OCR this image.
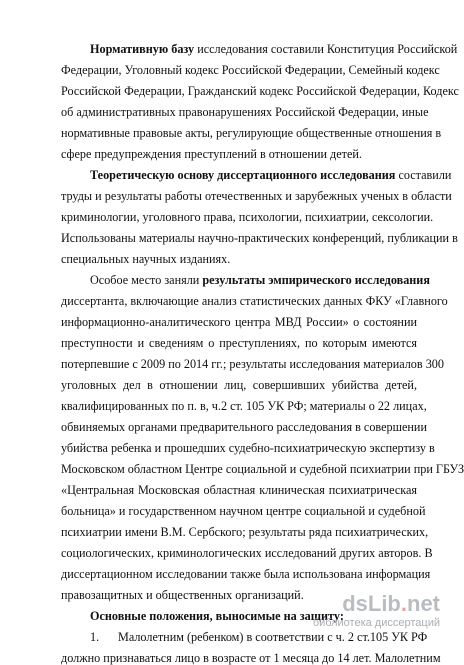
Нормативную базу исследования составили Конституция Российской
Федерации, Уголовный кодекс Российской Федерации, Семейный кодекс
Российской Федерации, Гражданский кодекс Российской Федерации, Кодекс
об административных правонарушениях Российской Федерации, иные
нормативные правовые акты, регулирующие общественные отношения в
сфере предупреждения преступлений в отношении детей.
Теоретическую основу диссертационного исследования составили
труды и результаты работы отечественных и зарубежных ученых в области
криминологии, уголовного права, психологии, психиатрии, сексологии.
Использованы материалы научно-практических конференций, публикации в
специальных научных изданиях.
Особое место заняли результаты эмпирического исследования
диссертанта, включающие анализ статистических данных ФКУ «Главного
информационно-аналитического центра МВД России» о состоянии
преступности и сведениям о преступлениях, по которым имеются
потерпевшие с 2009 по 2014 гг.; результаты исследования материалов 300
уголовных дел в отношении лиц, совершивших убийства детей,
квалифицированных по п. в, ч.2 ст. 105 УК РФ; материалы о 22 лицах,
обвиняемых органами предварительного расследования в совершении
убийства ребенка и прошедших судебно-психиатрическую экспертизу в
Московском областном Центре социальной и судебной психиатрии при ГБУЗ
«Центральная Московская областная клиническая психиатрическая
больница» и государственном научном центре социальной и судебной
психиатрии имени В.М. Сербского; результаты ряда психиатрических,
социологических, криминологических исследований других авторов. В
диссертационном исследовании также была использована информация
правозащитных и общественных организаций.
Основные положения, выносимые на защиту:
1. Малолетним (ребенком) в соответствии с ч. 2 ст.105 УК РФ
должно признаваться лицо в возрасте от 1 месяца до 14 лет. Малолетним
dsLib.net
библиотека диссертаций
